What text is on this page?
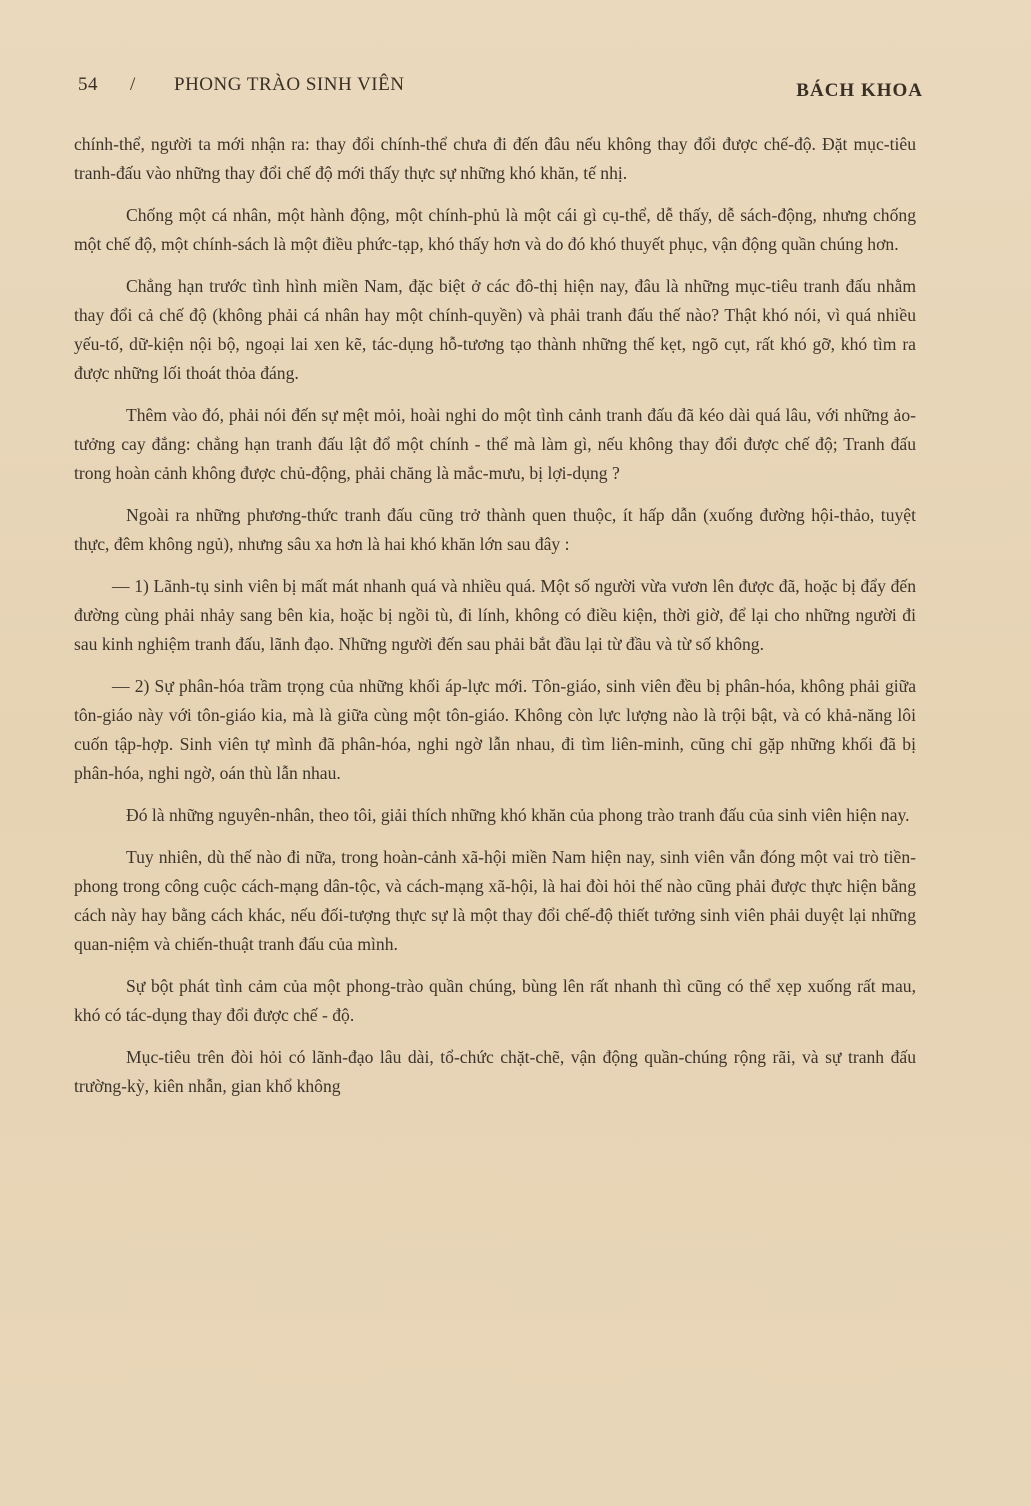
54 / PHONG TRÀO SINH VIÊN	BÁCH KHOA

chính-thể, người ta mới nhận ra: thay đổi chính-thể chưa đi đến đâu nếu không thay đổi được chế-độ. Đặt mục-tiêu tranh-đấu vào những thay đổi chế độ mới thấy thực sự những khó khăn, tế nhị.

Chống một cá nhân, một hành động, một chính-phủ là một cái gì cụ-thể, dễ thấy, dễ sách-động, nhưng chống một chế độ, một chính-sách là một điều phức-tạp, khó thấy hơn và do đó khó thuyết phục, vận động quần chúng hơn.

Chẳng hạn trước tình hình miền Nam, đặc biệt ở các đô-thị hiện nay, đâu là những mục-tiêu tranh đấu nhằm thay đổi cả chế độ (không phải cá nhân hay một chính-quyền) và phải tranh đấu thế nào? Thật khó nói, vì quá nhiều yếu-tố, dữ-kiện nội bộ, ngoại lai xen kẽ, tác-dụng hỗ-tương tạo thành những thế kẹt, ngõ cụt, rất khó gỡ, khó tìm ra được những lối thoát thỏa đáng.

Thêm vào đó, phải nói đến sự mệt mỏi, hoài nghi do một tình cảnh tranh đấu đã kéo dài quá lâu, với những ảo-tưởng cay đắng: chẳng hạn tranh đấu lật đổ một chính - thể mà làm gì, nếu không thay đổi được chế độ; Tranh đấu trong hoàn cảnh không được chủ-động, phải chăng là mắc-mưu, bị lợi-dụng ?

Ngoài ra những phương-thức tranh đấu cũng trở thành quen thuộc, ít hấp dẫn (xuống đường hội-thảo, tuyệt thực, đêm không ngủ), nhưng sâu xa hơn là hai khó khăn lớn sau đây :

— 1) Lãnh-tụ sinh viên bị mất mát nhanh quá và nhiều quá. Một số người vừa vươn lên được đã, hoặc bị đẩy đến đường cùng phải nhảy sang bên kia, hoặc bị ngồi tù, đi lính, không có điều kiện, thời giờ, để lại cho những người đi sau kinh nghiệm tranh đấu, lãnh đạo. Những người đến sau phải bắt đầu lại từ đầu và từ số không.

— 2) Sự phân-hóa trầm trọng của những khối áp-lực mới. Tôn-giáo, sinh viên đều bị phân-hóa, không phải giữa tôn-giáo này với tôn-giáo kia, mà là giữa cùng một tôn-giáo. Không còn lực lượng nào là trội bật, và có khả-năng lôi cuốn tập-hợp. Sinh viên tự mình đã phân-hóa, nghi ngờ lẫn nhau, đi tìm liên-minh, cũng chỉ gặp những khối đã bị phân-hóa, nghi ngờ, oán thù lẫn nhau.

Đó là những nguyên-nhân, theo tôi, giải thích những khó khăn của phong trào tranh đấu của sinh viên hiện nay.

Tuy nhiên, dù thế nào đi nữa, trong hoàn-cảnh xã-hội miền Nam hiện nay, sinh viên vẫn đóng một vai trò tiền-phong trong công cuộc cách-mạng dân-tộc, và cách-mạng xã-hội, là hai đòi hỏi thế nào cũng phải được thực hiện bằng cách này hay bằng cách khác, nếu đối-tượng thực sự là một thay đổi chế-độ thiết tưởng sinh viên phải duyệt lại những quan-niệm và chiến-thuật tranh đấu của mình.

Sự bột phát tình cảm của một phong-trào quần chúng, bùng lên rất nhanh thì cũng có thể xẹp xuống rất mau, khó có tác-dụng thay đổi được chế - độ.

Mục-tiêu trên đòi hỏi có lãnh-đạo lâu dài, tổ-chức chặt-chẽ, vận động quần-chúng rộng rãi, và sự tranh đấu trường-kỳ, kiên nhẫn, gian khổ không
